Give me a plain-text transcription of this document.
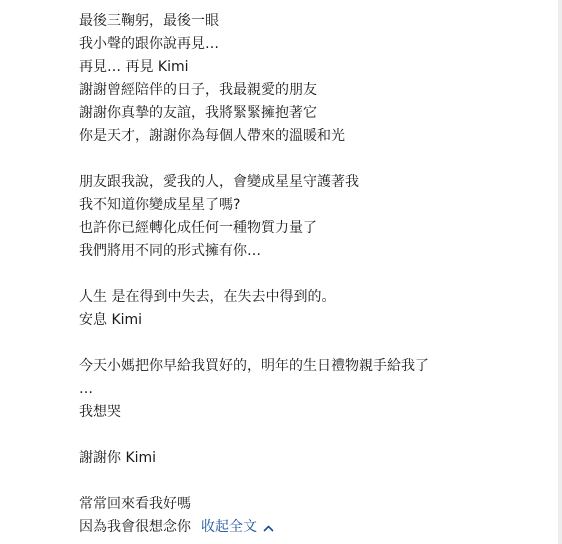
最後三鞠躬，最後一眼
我小聲的跟你說再見…
再見… 再見 Kimi
謝謝曾經陪伴的日子，我最親愛的朋友
謝謝你真摯的友誼，我將緊緊擁抱著它
你是天才，謝謝你為每個人帶來的溫暖和光
朋友跟我說，愛我的人，會變成星星守護著我
我不知道你變成星星了嗎?
也許你已經轉化成任何一種物質力量了
我們將用不同的形式擁有你…
人生 是在得到中失去，在失去中得到的。
安息 Kimi
今天小媽把你早給我買好的，明年的生日禮物親手給我了
…
我想哭
謝謝你 Kimi
常常回來看我好嗎
因為我會很想念你 收起全文
